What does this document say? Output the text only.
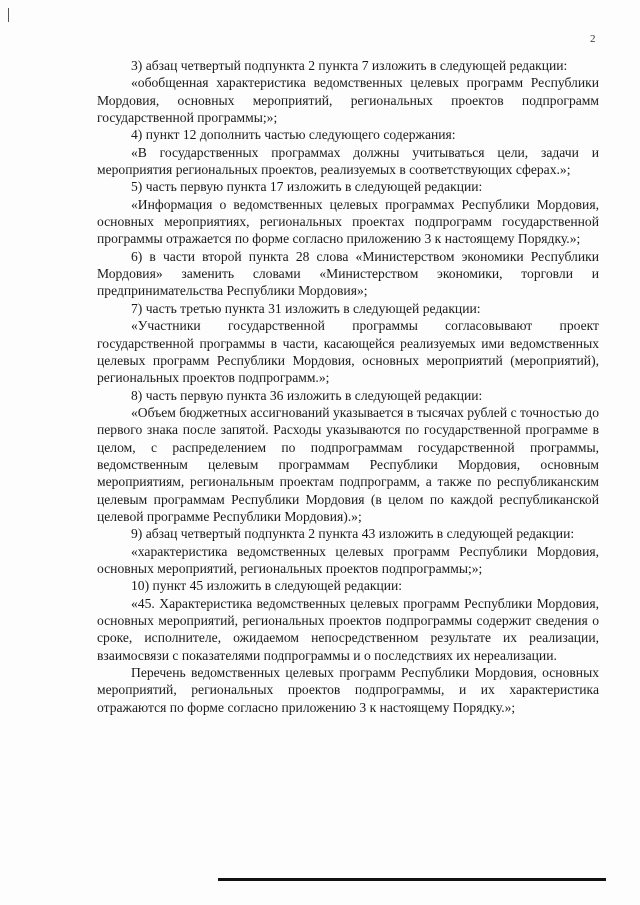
2

3) абзац четвертый подпункта 2 пункта 7 изложить в следующей редакции:

«обобщенная характеристика ведомственных целевых программ Республики Мордовия, основных мероприятий, региональных проектов подпрограмм государственной программы;»;

4) пункт 12 дополнить частью следующего содержания:

«В государственных программах должны учитываться цели, задачи и мероприятия региональных проектов, реализуемых в соответствующих сферах.»;

5) часть первую пункта 17 изложить в следующей редакции:

«Информация о ведомственных целевых программах Республики Мордовия, основных мероприятиях, региональных проектах подпрограмм государственной программы отражается по форме согласно приложению 3 к настоящему Порядку.»;

6) в части второй пункта 28 слова «Министерством экономики Республики Мордовия» заменить словами «Министерством экономики, торговли и предпринимательства Республики Мордовия»;

7) часть третью пункта 31 изложить в следующей редакции:

«Участники государственной программы согласовывают проект государственной программы в части, касающейся реализуемых ими ведомственных целевых программ Республики Мордовия, основных мероприятий (мероприятий), региональных проектов подпрограмм.»;

8) часть первую пункта 36 изложить в следующей редакции:

«Объем бюджетных ассигнований указывается в тысячах рублей с точностью до первого знака после запятой. Расходы указываются по государственной программе в целом, с распределением по подпрограммам государственной программы, ведомственным целевым программам Республики Мордовия, основным мероприятиям, региональным проектам подпрограмм, а также по республиканским целевым программам Республики Мордовия (в целом по каждой республиканской целевой программе Республики Мордовия).»;

9) абзац четвертый подпункта 2 пункта 43 изложить в следующей редакции:

«характеристика ведомственных целевых программ Республики Мордовия, основных мероприятий, региональных проектов подпрограммы;»;

10) пункт 45 изложить в следующей редакции:

«45. Характеристика ведомственных целевых программ Республики Мордовия, основных мероприятий, региональных проектов подпрограммы содержит сведения о сроке, исполнителе, ожидаемом непосредственном результате их реализации, взаимосвязи с показателями подпрограммы и о последствиях их нереализации.

Перечень ведомственных целевых программ Республики Мордовия, основных мероприятий, региональных проектов подпрограммы, и их характеристика отражаются по форме согласно приложению 3 к настоящему Порядку.»;
